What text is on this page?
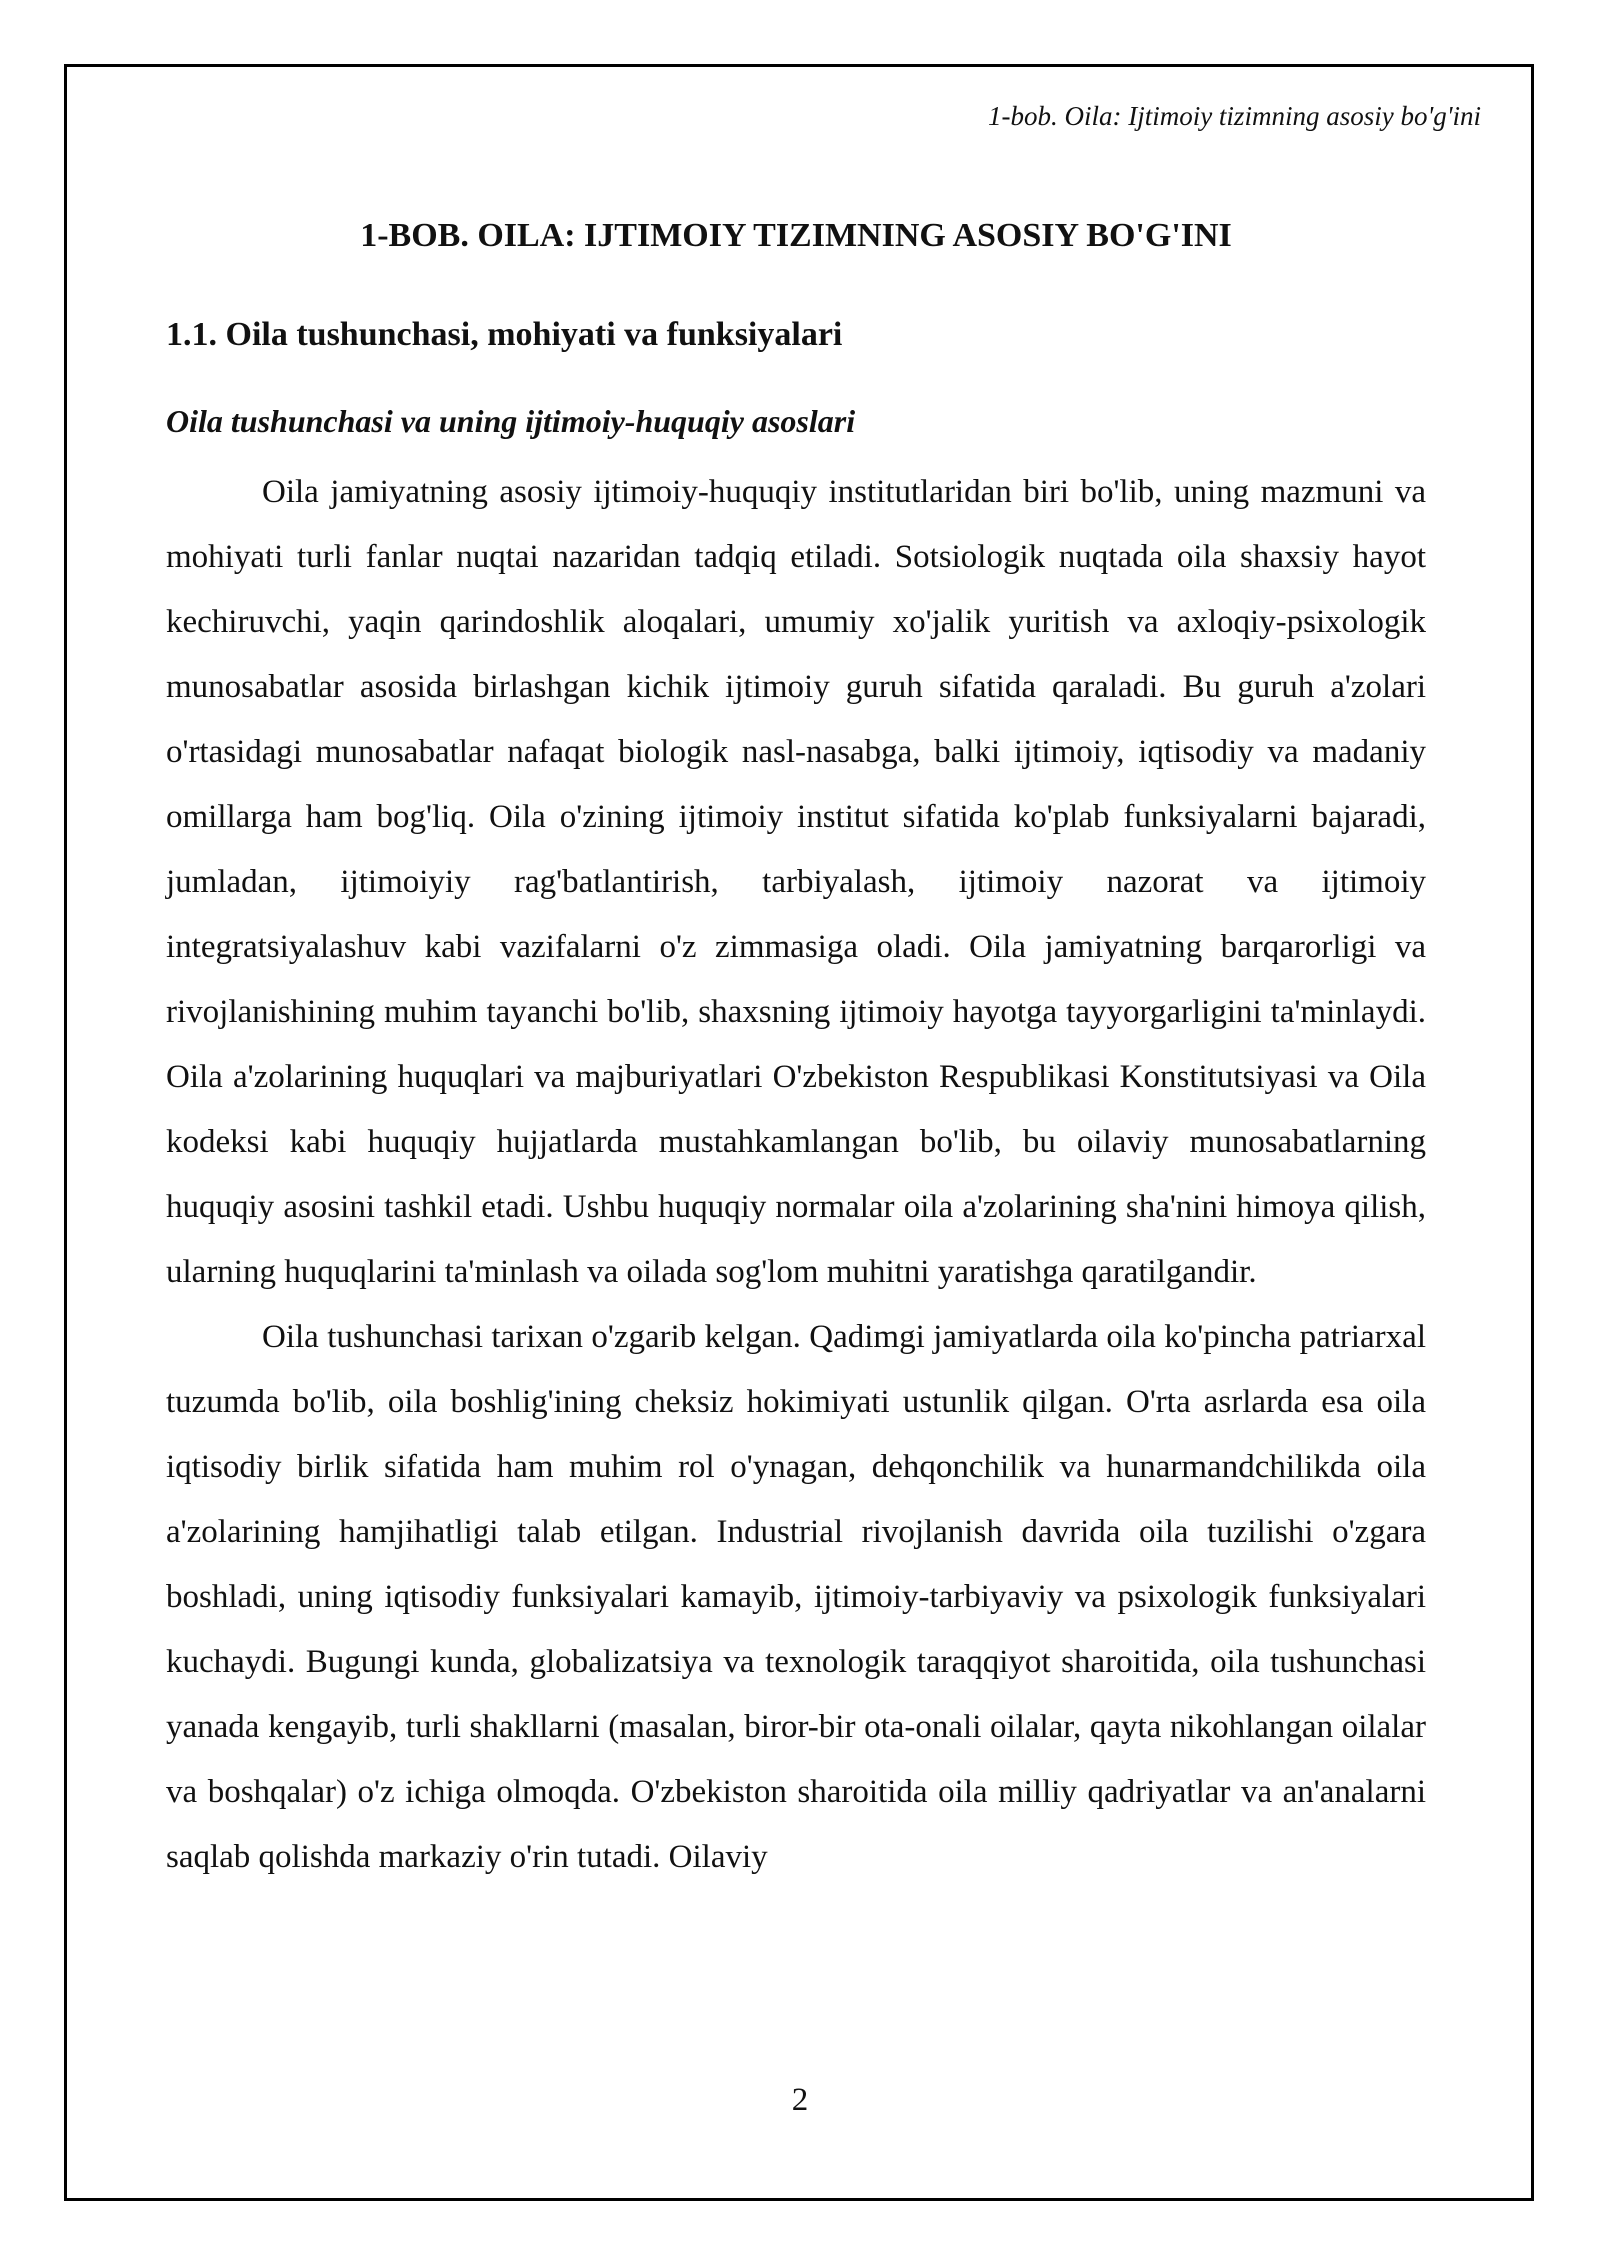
1-bob. Oila: Ijtimoiy tizimning asosiy bo'g'ini
1-BOB. OILA: IJTIMOIY TIZIMNING ASOSIY BO'G'INI
1.1. Oila tushunchasi, mohiyati va funksiyalari
Oila tushunchasi va uning ijtimoiy-huquqiy asoslari

Oila jamiyatning asosiy ijtimoiy-huquqiy institutlaridan biri bo'lib, uning mazmuni va mohiyati turli fanlar nuqtai nazaridan tadqiq etiladi. Sotsiologik nuqtada oila shaxsiy hayot kechiruvchi, yaqin qarindoshlik aloqalari, umumiy xo'jalik yuritish va axloqiy-psixologik munosabatlar asosida birlashgan kichik ijtimoiy guruh sifatida qaraladi. Bu guruh a'zolari o'rtasidagi munosabatlar nafaqat biologik nasl-nasabga, balki ijtimoiy, iqtisodiy va madaniy omillarga ham bog'liq. Oila o'zining ijtimoiy institut sifatida ko'plab funksiyalarni bajaradi, jumladan, ijtimoiyiy rag'batlantirish, tarbiyalash, ijtimoiy nazorat va ijtimoiy integratsiyalashuv kabi vazifalarni o'z zimmasiga oladi. Oila jamiyatning barqarorligi va rivojlanishining muhim tayanchi bo'lib, shaxsning ijtimoiy hayotga tayyorgarligini ta'minlaydi. Oila a'zolarining huquqlari va majburiyatlari O'zbekiston Respublikasi Konstitutsiyasi va Oila kodeksi kabi huquqiy hujjatlarda mustahkamlangan bo'lib, bu oilaviy munosabatlarning huquqiy asosini tashkil etadi. Ushbu huquqiy normalar oila a'zolarining sha'nini himoya qilish, ularning huquqlarini ta'minlash va oilada sog'lom muhitni yaratishga qaratilgandir.

Oila tushunchasi tarixan o'zgarib kelgan. Qadimgi jamiyatlarda oila ko'pincha patriarxal tuzumda bo'lib, oila boshlig'ining cheksiz hokimiyati ustunlik qilgan. O'rta asrlarda esa oila iqtisodiy birlik sifatida ham muhim rol o'ynagan, dehqonchilik va hunarmandchilikda oila a'zolarining hamjihatligi talab etilgan. Industrial rivojlanish davrida oila tuzilishi o'zgara boshladi, uning iqtisodiy funksiyalari kamayib, ijtimoiy-tarbiyaviy va psixologik funksiyalari kuchaydi. Bugungi kunda, globalizatsiya va texnologik taraqqiyot sharoitida, oila tushunchasi yanada kengayib, turli shakllarni (masalan, biror-bir ota-onali oilalar, qayta nikohlangan oilalar va boshqalar) o'z ichiga olmoqda. O'zbekiston sharoitida oila milliy qadriyatlar va an'analarni saqlab qolishda markaziy o'rin tutadi. Oilaviy

2
